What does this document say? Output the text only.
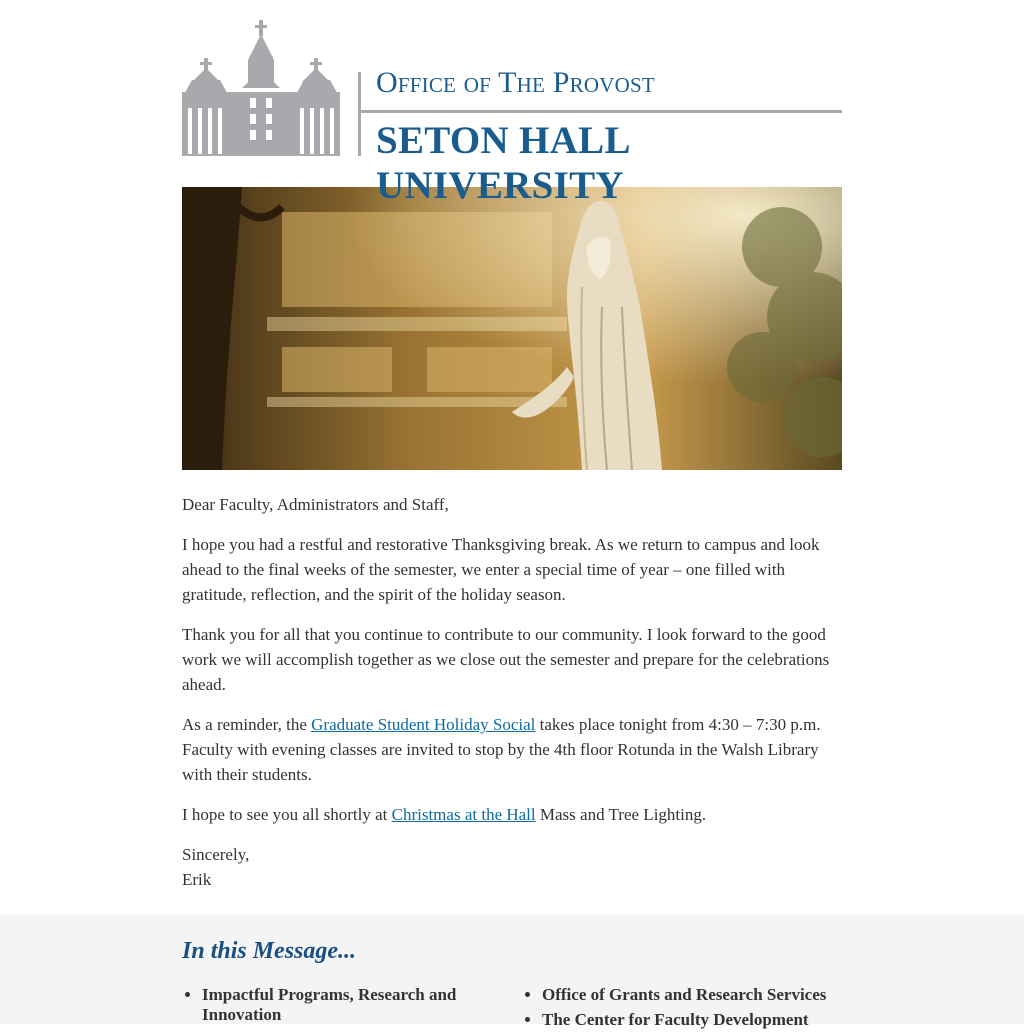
Office of The Provost
SETON HALL UNIVERSITY

Dear Faculty, Administrators and Staff,

I hope you had a restful and restorative Thanksgiving break. As we return to campus and look ahead to the final weeks of the semester, we enter a special time of year – one filled with gratitude, reflection, and the spirit of the holiday season.

Thank you for all that you continue to contribute to our community. I look forward to the good work we will accomplish together as we close out the semester and prepare for the celebrations ahead.

As a reminder, the Graduate Student Holiday Social takes place tonight from 4:30 – 7:30 p.m. Faculty with evening classes are invited to stop by the 4th floor Rotunda in the Walsh Library with their students.

I hope to see you all shortly at Christmas at the Hall Mass and Tree Lighting.

Sincerely,
Erik
In this Message...
• Impactful Programs, Research and Innovation
• Office of Grants and Research Services
• The Center for Faculty Development
